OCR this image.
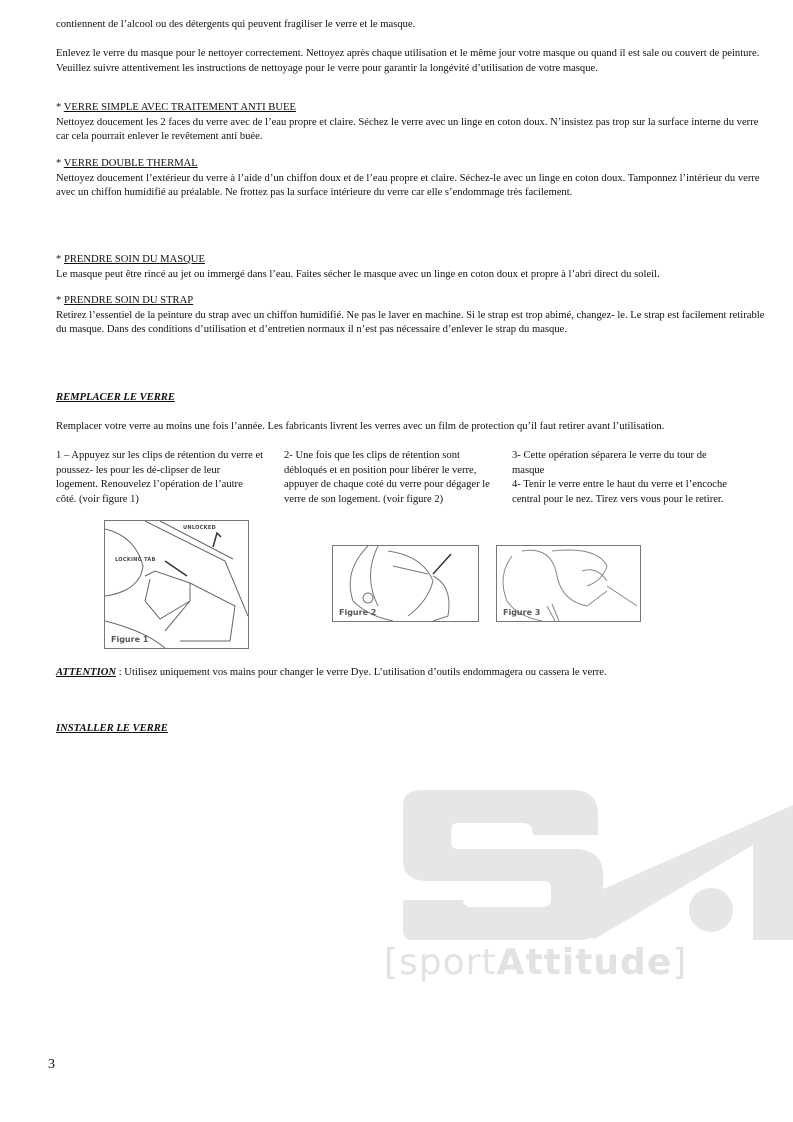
contiennent de l’alcool ou des détergents qui peuvent fragiliser le verre et le masque.

Enlevez le verre du masque pour le nettoyer correctement. Nettoyez après chaque utilisation et le même jour votre masque ou quand il est sale ou couvert de peinture. Veuillez suivre attentivement les instructions de nettoyage pour le verre pour garantir la longévité d’utilisation de votre masque.

* VERRE SIMPLE AVEC TRAITEMENT ANTI BUEE
Nettoyez doucement les 2 faces du verre avec de l’eau propre et claire. Séchez le verre avec un linge en coton doux. N’insistez pas trop sur la surface interne du verre car cela pourrait enlever le revêtement anti buée.
* VERRE DOUBLE THERMAL
Nettoyez doucement l’extérieur du verre à l’aide d’un chiffon doux et de l’eau propre et claire. Séchez-le avec un linge en coton doux. Tamponnez l’intérieur du verre avec un chiffon humidifié au préalable. Ne frottez pas la surface intérieure du verre car elle s’endommage très facilement.
* PRENDRE SOIN DU MASQUE
Le masque peut être rincé au jet ou immergé dans l’eau. Faites sécher le masque avec un linge en coton doux et propre à l’abri direct du soleil.
* PRENDRE SOIN DU STRAP
Retirez l’essentiel de la peinture du strap avec un chiffon humidifié. Ne pas le laver en machine. Si le strap est trop abimé, changez- le. Le strap est facilement retirable du masque. Dans des conditions d’utilisation et d’entretien normaux il n’est pas nécessaire d’enlever le strap du masque.

REMPLACER LE VERRE

Remplacer votre verre au moins une fois l’année. Les fabricants livrent les verres avec un film de protection qu’il faut retirer avant l’utilisation.

1 – Appuyez sur les clips de rétention du verre et poussez- les pour les dé-clipser de leur logement. Renouvelez l’opération de l’autre côté. (voir figure 1)
2- Une fois que les clips de rétention sont débloqués et en position pour libérer le verre, appuyer de chaque coté du verre pour dégager le verre de son logement. (voir figure 2)
3- Cette opération séparera le verre du tour de masque
4- Tenir le verre entre le haut du verre et l’encoche central pour le nez. Tirez vers vous pour le retirer.
LOCKING TAB
UNLOCKED
Figure 1
Figure 2	Figure 3

ATTENTION : Utilisez uniquement vos mains pour changer le verre Dye. L’utilisation d’outils endommagera ou cassera le verre.

INSTALLER LE VERRE

[sportAttitude]
3
